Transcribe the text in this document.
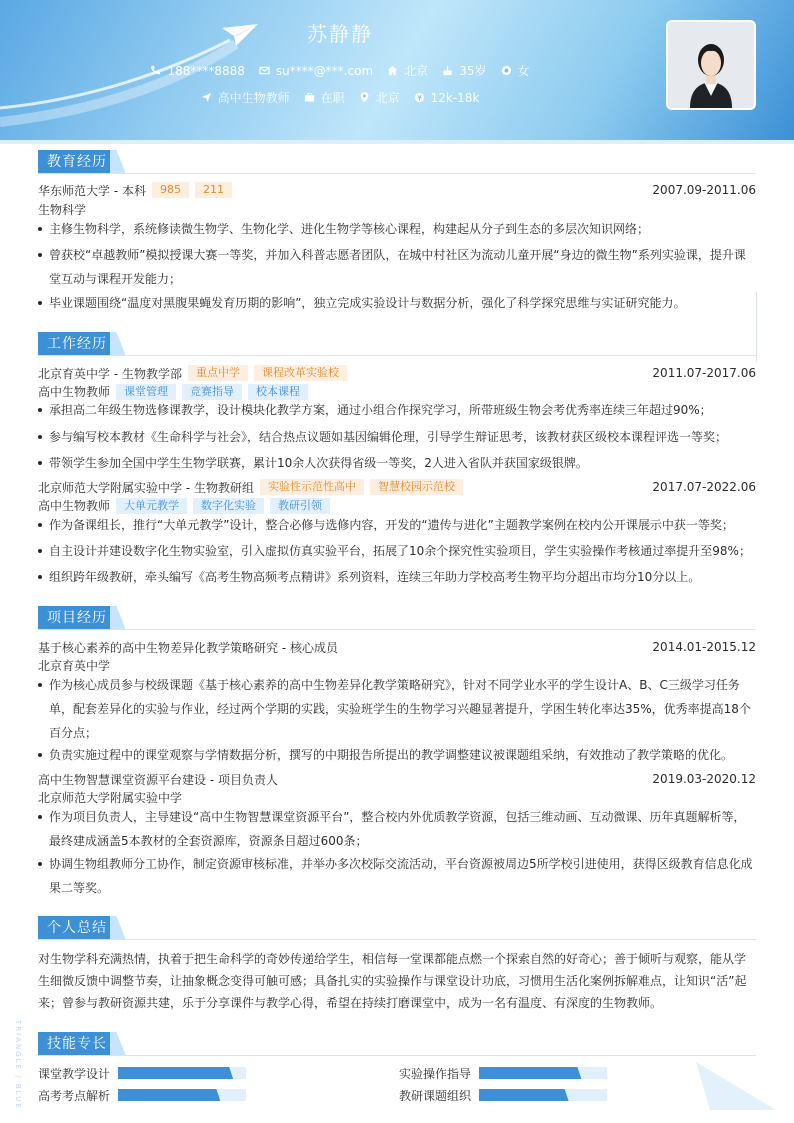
苏静静
188****8888	su****@***.com	北京	35岁	女
高中生物教师	在职	北京	12k-18k
教育经历
华东师范大学 - 本科	985	211	2007.09-2011.06
生物科学
主修生物科学，系统修读微生物学、生物化学、进化生物学等核心课程，构建起从分子到生态的多层次知识网络；
曾获校“卓越教师”模拟授课大赛一等奖，并加入科普志愿者团队，在城中村社区为流动儿童开展“身边的微生物”系列实验课，提升课堂互动与课程开发能力；
毕业课题围绕“温度对黑腹果蝇发育历期的影响”，独立完成实验设计与数据分析，强化了科学探究思维与实证研究能力。
工作经历
北京育英中学 - 生物教学部	重点中学	课程改革实验校	2011.07-2017.06
高中生物教师	课堂管理	竞赛指导	校本课程
承担高二年级生物选修课教学，设计模块化教学方案，通过小组合作探究学习，所带班级生物会考优秀率连续三年超过90%；
参与编写校本教材《生命科学与社会》，结合热点议题如基因编辑伦理，引导学生辩证思考，该教材获区级校本课程评选一等奖；
带领学生参加全国中学生生物学联赛，累计10余人次获得省级一等奖，2人进入省队并获国家级银牌。
北京师范大学附属实验中学 - 生物教研组	实验性示范性高中	智慧校园示范校	2017.07-2022.06
高中生物教师	大单元教学	数字化实验	教研引领
作为备课组长，推行“大单元教学”设计，整合必修与选修内容，开发的“遗传与进化”主题教学案例在校内公开课展示中获一等奖；
自主设计并建设数字化生物实验室，引入虚拟仿真实验平台，拓展了10余个探究性实验项目，学生实验操作考核通过率提升至98%；
组织跨年级教研，牵头编写《高考生物高频考点精讲》系列资料，连续三年助力学校高考生物平均分超出市均分10分以上。
项目经历
基于核心素养的高中生物差异化教学策略研究 - 核心成员	2014.01-2015.12
北京育英中学
作为核心成员参与校级课题《基于核心素养的高中生物差异化教学策略研究》，针对不同学业水平的学生设计A、B、C三级学习任务单，配套差异化的实验与作业，经过两个学期的实践，实验班学生的生物学习兴趣显著提升，学困生转化率达35%，优秀率提高18个百分点；
负责实施过程中的课堂观察与学情数据分析，撰写的中期报告所提出的教学调整建议被课题组采纳，有效推动了教学策略的优化。
高中生物智慧课堂资源平台建设 - 项目负责人	2019.03-2020.12
北京师范大学附属实验中学
作为项目负责人，主导建设“高中生物智慧课堂资源平台”，整合校内外优质教学资源，包括三维动画、互动微课、历年真题解析等，最终建成涵盖5本教材的全套资源库，资源条目超过600条；
协调生物组教师分工协作，制定资源审核标准，并举办多次校际交流活动，平台资源被周边5所学校引进使用，获得区级教育信息化成果二等奖。
个人总结
对生物学科充满热情，执着于把生命科学的奇妙传递给学生，相信每一堂课都能点燃一个探索自然的好奇心；善于倾听与观察，能从学生细微反馈中调整节奏，让抽象概念变得可触可感；具备扎实的实验操作与课堂设计功底，习惯用生活化案例拆解难点，让知识“活”起来；曾参与教研资源共建，乐于分享课件与教学心得，希望在持续打磨课堂中，成为一名有温度、有深度的生物教师。
技能专长
课堂教学设计	实验操作指导
高考考点解析	教研课题组织
TRIANGLE / BLUE
